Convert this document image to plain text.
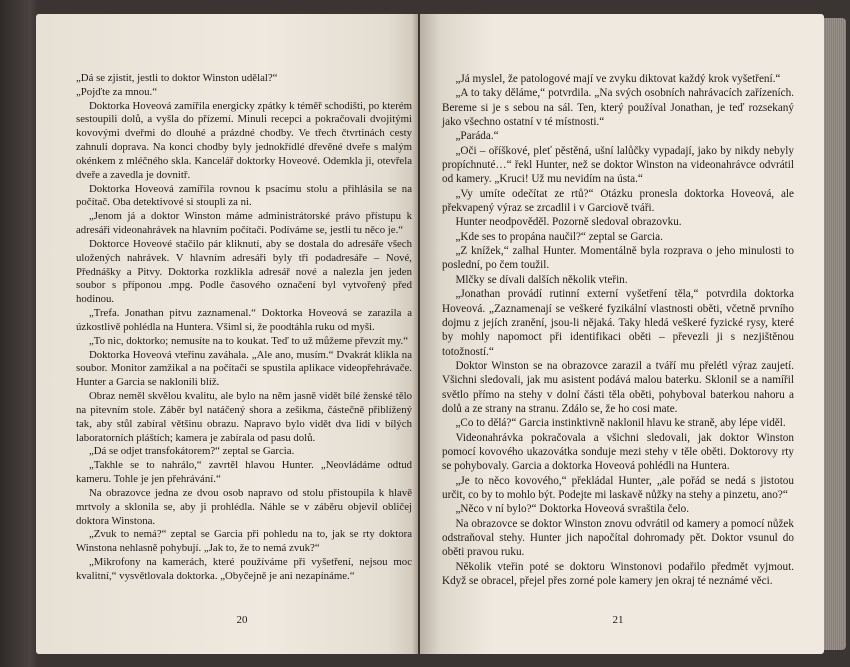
„Dá se zjistit, jestli to doktor Winston udělal?“

„Pojďte za mnou.“

Doktorka Hoveová zamířila energicky zpátky k téměř schodišti, po kterém sestoupili dolů, a vyšla do přízemí. Minuli recepci a pokračovali dvojitými kovovými dveřmi do dlouhé a prázdné chodby. Ve třech čtvrtinách cesty zahnuli doprava. Na konci chodby byly jednokřídlé dřevěné dveře s malým okénkem z mléčného skla. Kancelář doktorky Hoveové. Odemkla ji, otevřela dveře a zavedla je dovnitř.

Doktorka Hoveová zamířila rovnou k psacímu stolu a přihlásila se na počítač. Oba detektivové si stoupli za ni.

„Jenom já a doktor Winston máme administrátorské právo přístupu k adresáři videonahrávek na hlavním počítači. Podíváme se, jestli tu něco je.“

Doktorce Hoveové stačilo pár kliknutí, aby se dostala do adresáře všech uložených nahrávek. V hlavním adresáři byly tři podadresáře – Nové, Přednášky a Pitvy. Doktorka rozklikla adresář nové a nalezla jen jeden soubor s příponou .mpg. Podle časového označení byl vytvořený před hodinou.

„Trefa. Jonathan pitvu zaznamenal.“ Doktorka Hoveová se zarazila a úzkostlivě pohlédla na Huntera. Všiml si, že poodtáhla ruku od myši.

„To nic, doktorko; nemusíte na to koukat. Teď to už můžeme převzít my.“

Doktorka Hoveová vteřinu zaváhala. „Ale ano, musím.“ Dvakrát klikla na soubor. Monitor zamžikal a na počítači se spustila aplikace videopřehrávače. Hunter a Garcia se naklonili blíž.

Obraz neměl skvělou kvalitu, ale bylo na něm jasně vidět bílé ženské tělo na pitevním stole. Záběr byl natáčený shora a zešikma, částečně přiblížený tak, aby stůl zabíral většinu obrazu. Napravo bylo vidět dva lidi v bílých laboratorních pláštích; kamera je zabírala od pasu dolů.

„Dá se odjet transfokátorem?“ zeptal se Garcia.

„Takhle se to nahrálo,“ zavrtěl hlavou Hunter. „Neovládáme odtud kameru. Tohle je jen přehrávání.“

Na obrazovce jedna ze dvou osob napravo od stolu přistoupila k hlavě mrtvoly a sklonila se, aby ji prohlédla. Náhle se v záběru objevil obličej doktora Winstona.

„Zvuk to nemá?“ zeptal se Garcia při pohledu na to, jak se rty doktora Winstona nehlasně pohybují. „Jak to, že to nemá zvuk?“

„Mikrofony na kamerách, které používáme při vyšetření, nejsou moc kvalitní,“ vysvětlovala doktorka. „Obyčejně je ani nezapínáme.“

20

„Já myslel, že patologové mají ve zvyku diktovat každý krok vyšetření.“

„A to taky děláme,“ potvrdila. „Na svých osobních nahrávacích zařízeních. Bereme si je s sebou na sál. Ten, který používal Jonathan, je teď rozsekaný jako všechno ostatní v té místnosti.“

„Paráda.“

„Oči – oříškové, pleť pěstěná, ušní lalůčky vypadají, jako by nikdy nebyly propíchnuté…“ řekl Hunter, než se doktor Winston na videonahrávce odvrátil od kamery. „Kruci! Už mu nevidím na ústa.“

„Vy umíte odečítat ze rtů?“ Otázku pronesla doktorka Hoveová, ale překvapený výraz se zrcadlil i v Garciově tváři.

Hunter neodpověděl. Pozorně sledoval obrazovku.

„Kde ses to propána naučil?“ zeptal se Garcia.

„Z knížek,“ zalhal Hunter. Momentálně byla rozprava o jeho minulosti to poslední, po čem toužil.

Mlčky se dívali dalších několik vteřin.

„Jonathan provádí rutinní externí vyšetření těla,“ potvrdila doktorka Hoveová. „Zaznamenají se veškeré fyzikální vlastnosti oběti, včetně prvního dojmu z jejích zranění, jsou-li nějaká. Taky hledá veškeré fyzické rysy, které by mohly napomoct při identifikaci oběti – převezli ji s nezjištěnou totožností.“

Doktor Winston se na obrazovce zarazil a tváří mu přelétl výraz zaujetí. Všichni sledovali, jak mu asistent podává malou baterku. Sklonil se a namířil světlo přímo na stehy v dolní části těla oběti, pohyboval baterkou nahoru a dolů a ze strany na stranu. Zdálo se, že ho cosi mate.

„Co to dělá?“ Garcia instinktivně naklonil hlavu ke straně, aby lépe viděl.

Videonahrávka pokračovala a všichni sledovali, jak doktor Winston pomocí kovového ukazovátka sonduje mezi stehy v těle oběti. Doktorovy rty se pohybovaly. Garcia a doktorka Hoveová pohlédli na Huntera.

„Je to něco kovového,“ překládal Hunter, „ale pořád se nedá s jistotou určit, co by to mohlo být. Podejte mi laskavě nůžky na stehy a pinzetu, ano?“

„Něco v ní bylo?“ Doktorka Hoveová svraštila čelo.

Na obrazovce se doktor Winston znovu odvrátil od kamery a pomocí nůžek odstraňoval stehy. Hunter jich napočítal dohromady pět. Doktor vsunul do oběti pravou ruku.

Několik vteřin poté se doktoru Winstonovi podařilo předmět vyjmout. Když se obracel, přejel přes zorné pole kamery jen okraj té neznámé věci.

21
